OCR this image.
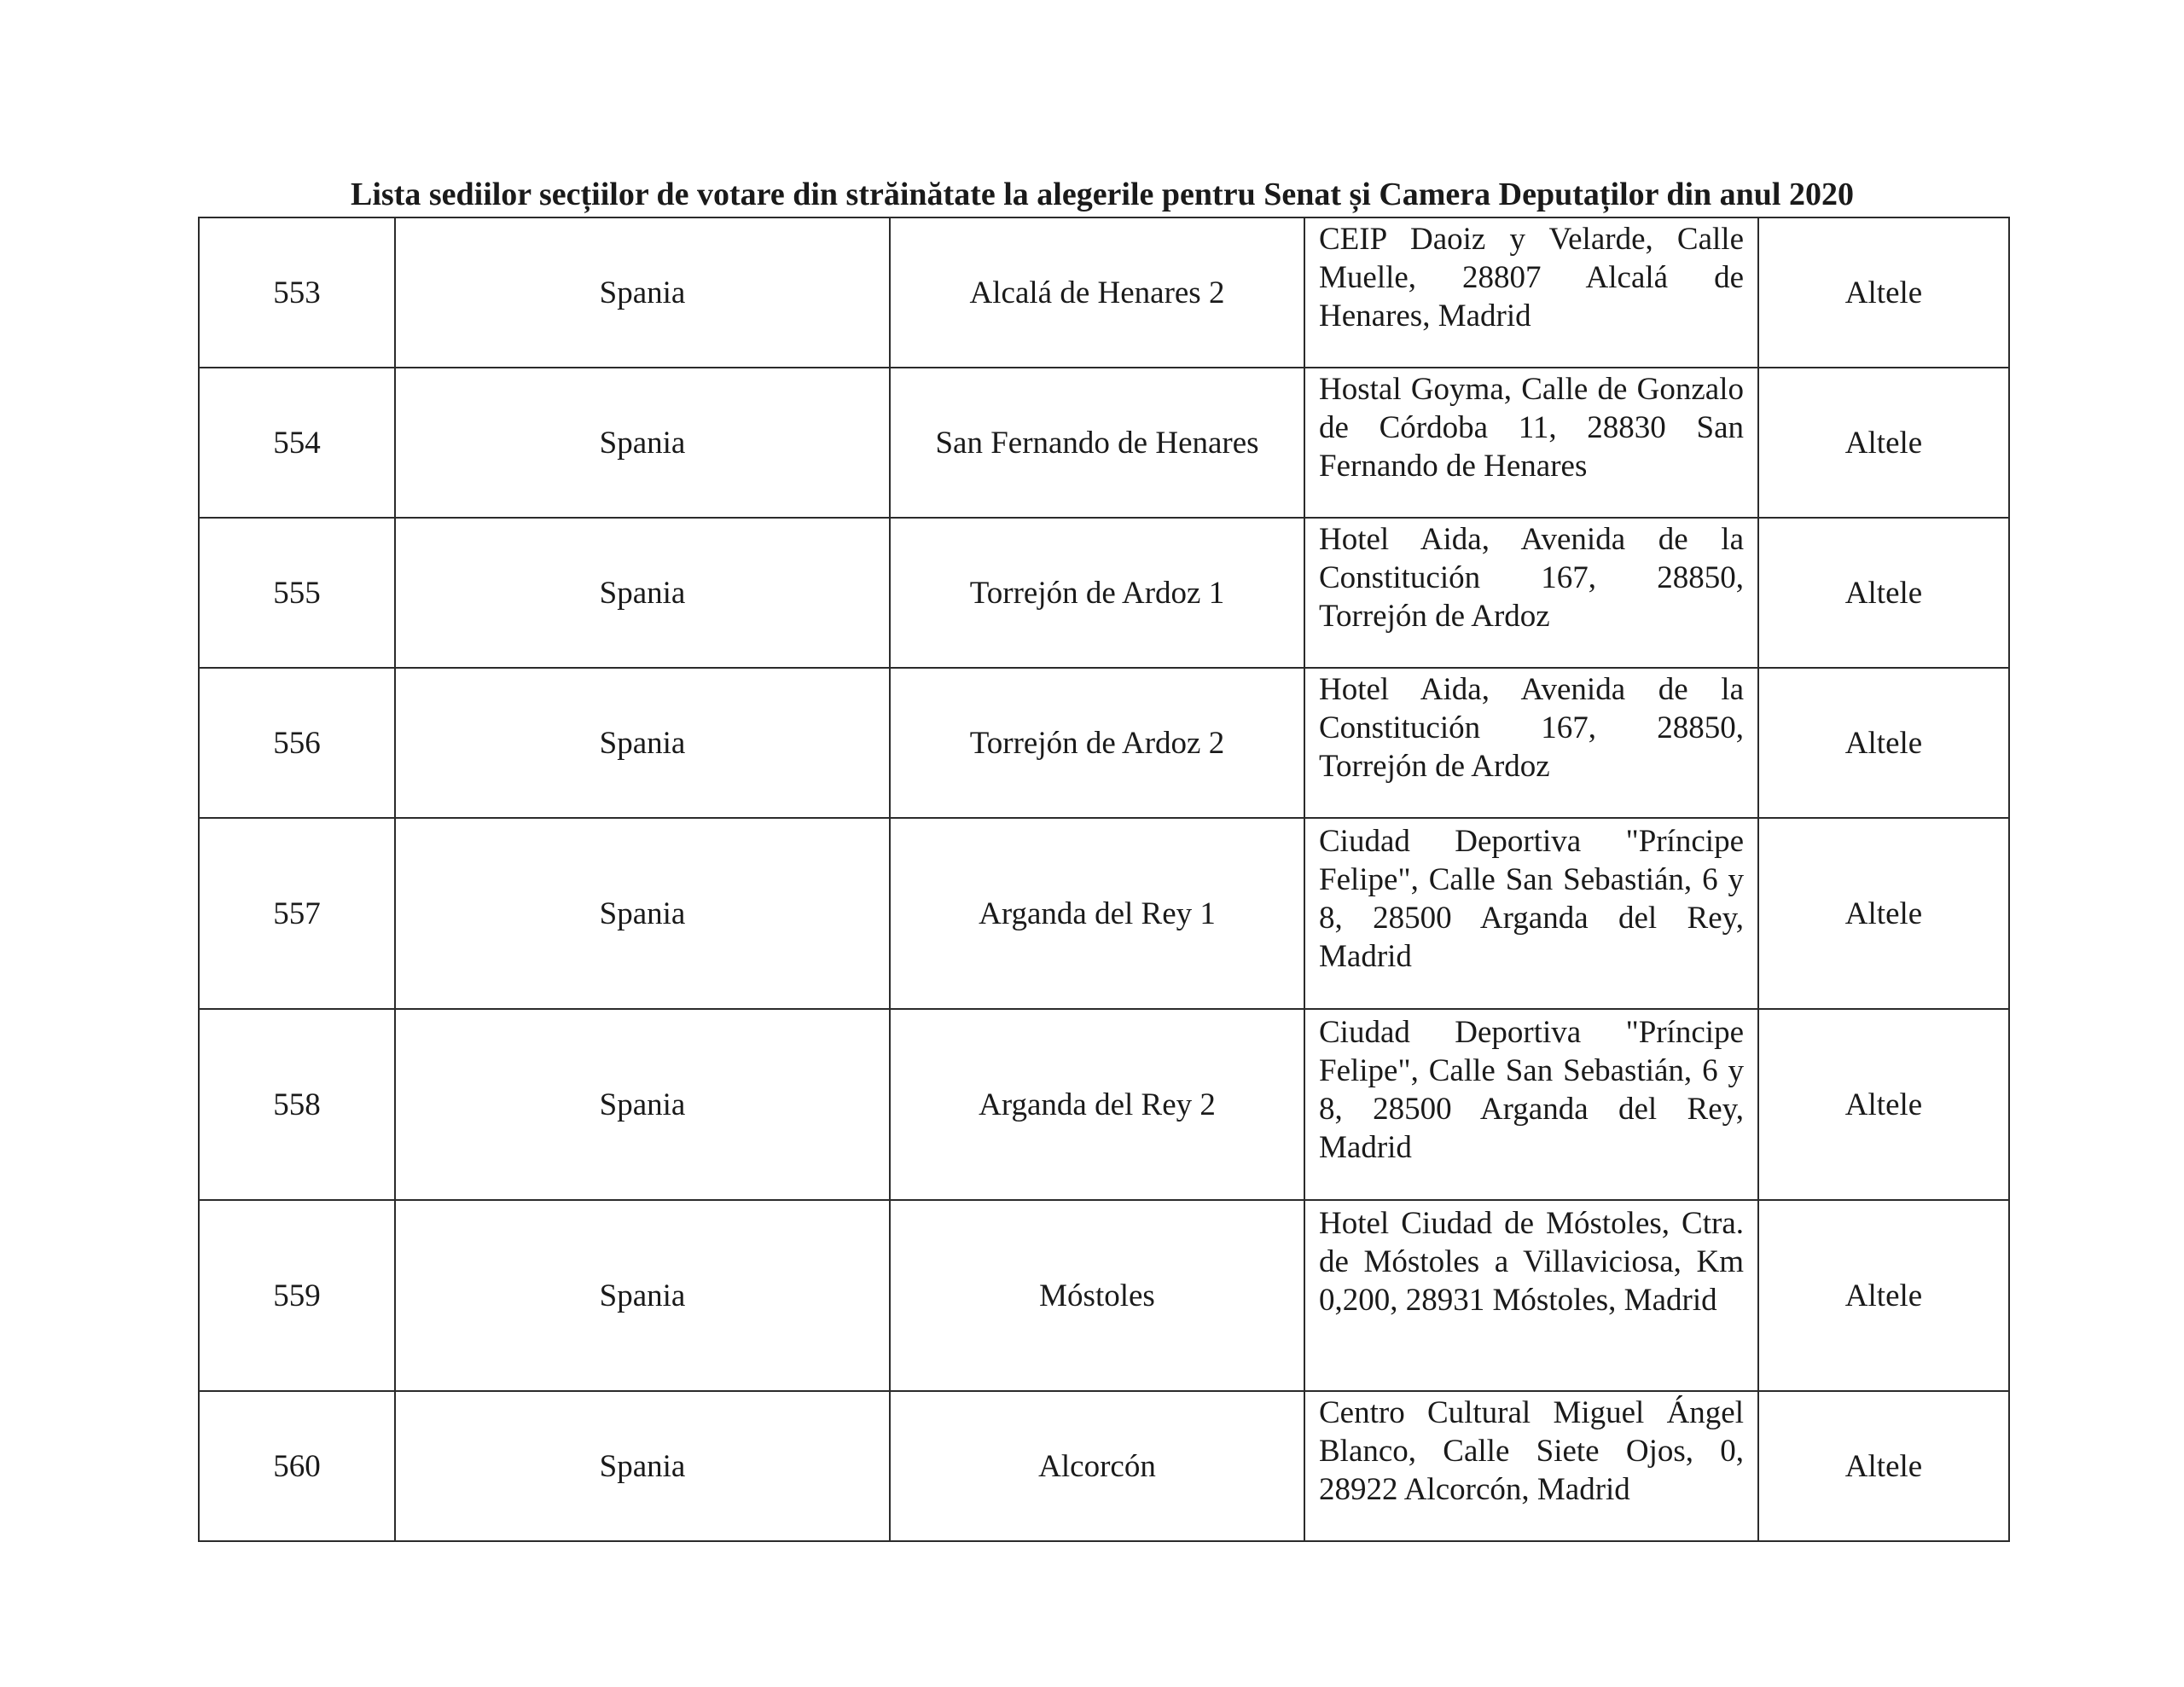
Lista sediilor secțiilor de votare din străinătate la alegerile pentru Senat și Camera Deputaților din anul 2020
553	Spania	Alcalá de Henares 2	CEIP Daoiz y Velarde, Calle Muelle, 28807 Alcalá de Henares, Madrid	Altele
554	Spania	San Fernando de Henares	Hostal Goyma, Calle de Gonzalo de Córdoba 11, 28830 San Fernando de Henares	Altele
555	Spania	Torrejón de Ardoz 1	Hotel Aida, Avenida de la Constitución 167, 28850, Torrejón de Ardoz	Altele
556	Spania	Torrejón de Ardoz 2	Hotel Aida, Avenida de la Constitución 167, 28850, Torrejón de Ardoz	Altele
557	Spania	Arganda del Rey 1	Ciudad Deportiva "Príncipe Felipe", Calle San Sebastián, 6 y 8, 28500 Arganda del Rey, Madrid	Altele
558	Spania	Arganda del Rey 2	Ciudad Deportiva "Príncipe Felipe", Calle San Sebastián, 6 y 8, 28500 Arganda del Rey, Madrid	Altele
559	Spania	Móstoles	Hotel Ciudad de Móstoles, Ctra. de Móstoles a Villaviciosa, Km 0,200, 28931 Móstoles, Madrid	Altele
560	Spania	Alcorcón	Centro Cultural Miguel Ángel Blanco, Calle Siete Ojos, 0, 28922 Alcorcón, Madrid	Altele
